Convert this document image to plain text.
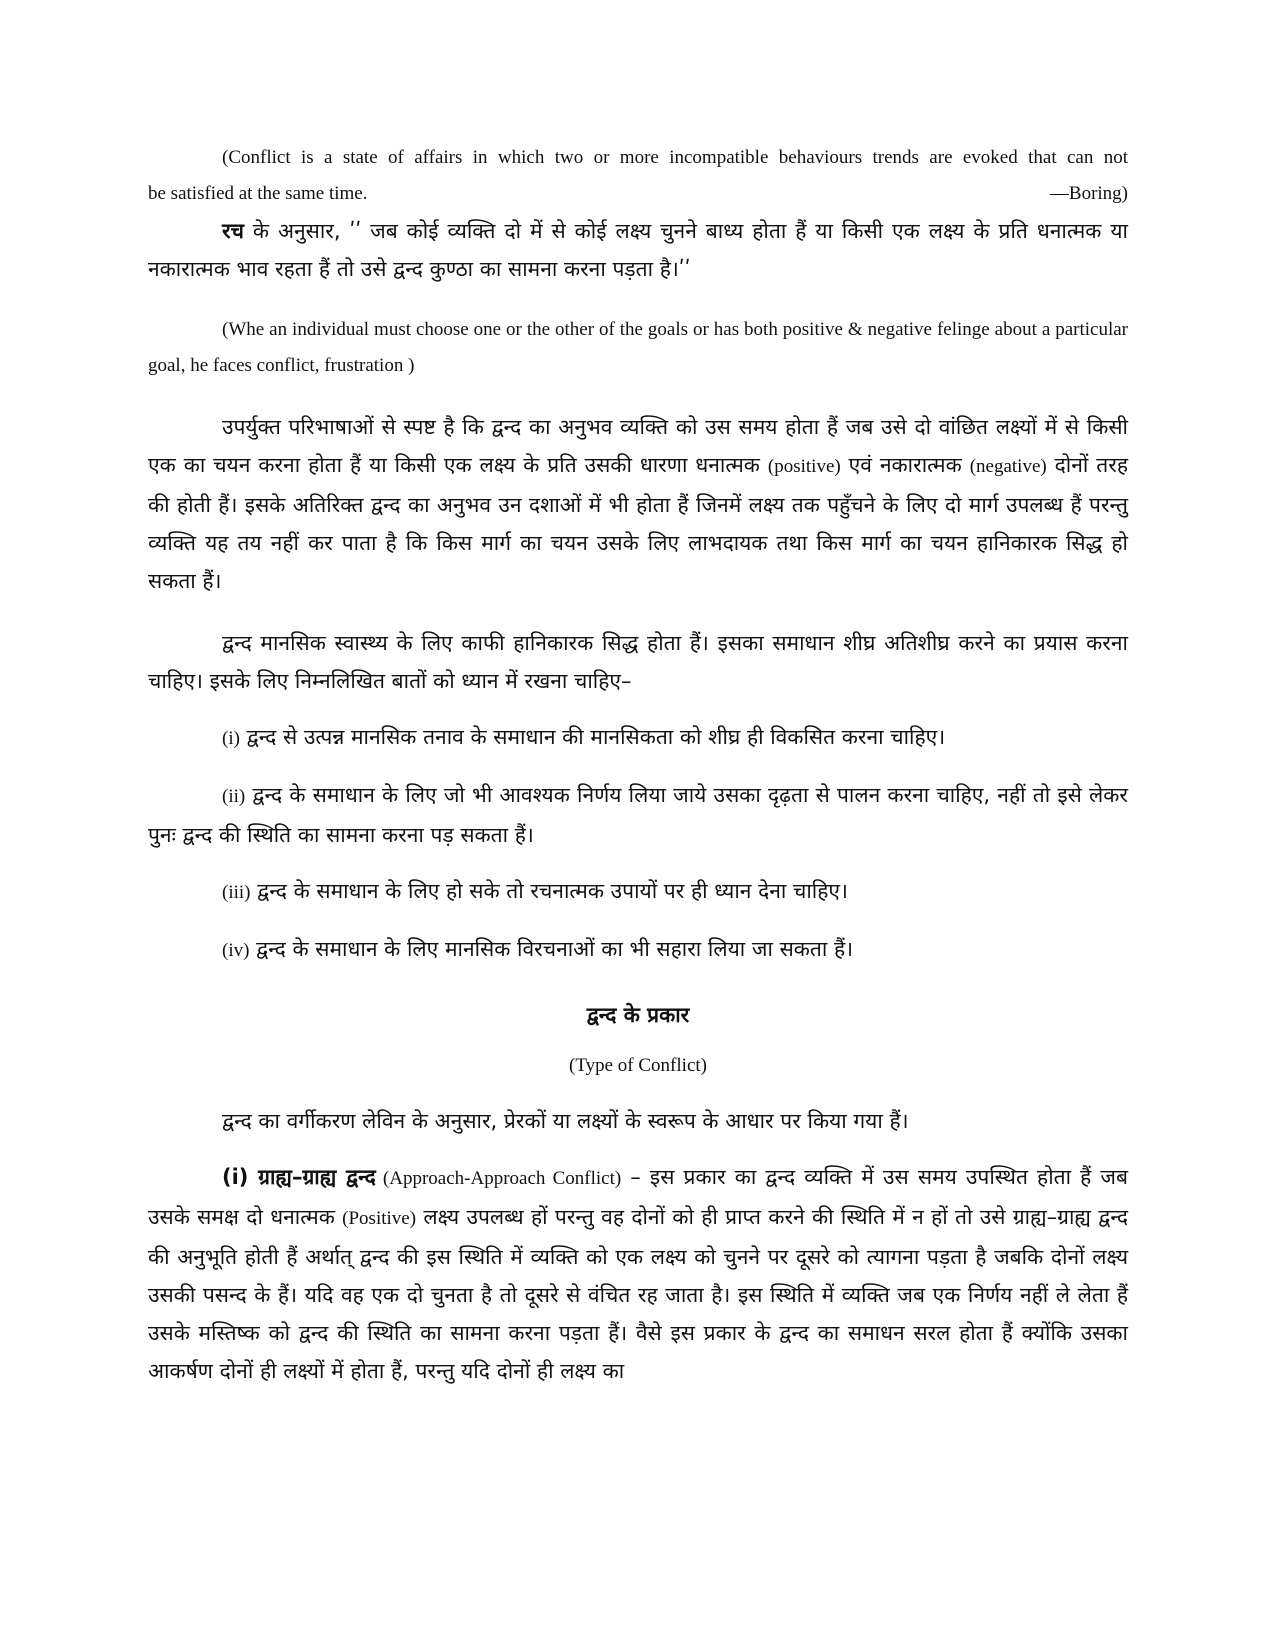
(Conflict is a state of affairs in which two or more incompatible behaviours trends are evoked that can not

be satisfied at the same time.	—Boring)

रच के अनुसार, ʹʹ जब कोई व्यक्ति दो में से कोई लक्ष्य चुनने बाध्य होता हैं या किसी एक लक्ष्य के प्रति धनात्मक या नकारात्मक भाव रहता हैं तो उसे द्वन्द कुण्ठा का सामना करना पड़ता है।ʹʹ

(Whe an individual must choose one or the other of the goals or has both positive & negative felinge about a particular goal, he faces conflict, frustration )

उपर्युक्त परिभाषाओं से स्पष्ट है कि द्वन्द का अनुभव व्यक्ति को उस समय होता हैं जब उसे दो वांछित लक्ष्यों में से किसी एक का चयन करना होता हैं या किसी एक लक्ष्य के प्रति उसकी धारणा धनात्मक (positive) एवं नकारात्मक (negative) दोनों तरह की होती हैं। इसके अतिरिक्त द्वन्द का अनुभव उन दशाओं में भी होता हैं जिनमें लक्ष्य तक पहुँचने के लिए दो मार्ग उपलब्ध हैं परन्तु व्यक्ति यह तय नहीं कर पाता है कि किस मार्ग का चयन उसके लिए लाभदायक तथा किस मार्ग का चयन हानिकारक सिद्ध हो सकता हैं।

द्वन्द मानसिक स्वास्थ्य के लिए काफी हानिकारक सिद्ध होता हैं। इसका समाधान शीघ्र अतिशीघ्र करने का प्रयास करना चाहिए। इसके लिए निम्नलिखित बातों को ध्यान में रखना चाहिए–

(i) द्वन्द से उत्पन्न मानसिक तनाव के समाधान की मानसिकता को शीघ्र ही विकसित करना चाहिए।

(ii) द्वन्द के समाधान के लिए जो भी आवश्यक निर्णय लिया जाये उसका दृढ़ता से पालन करना चाहिए, नहीं तो इसे लेकर पुनः द्वन्द की स्थिति का सामना करना पड़ सकता हैं।

(iii) द्वन्द के समाधान के लिए हो सके तो रचनात्मक उपायों पर ही ध्यान देना चाहिए।

(iv) द्वन्द के समाधान के लिए मानसिक विरचनाओं का भी सहारा लिया जा सकता हैं।

द्वन्द के प्रकार

(Type of Conflict)

द्वन्द का वर्गीकरण लेविन के अनुसार, प्रेरकों या लक्ष्यों के स्वरूप के आधार पर किया गया हैं।

(i) ग्राह्य–ग्राह्य द्वन्द (Approach-Approach Conflict) – इस प्रकार का द्वन्द व्यक्ति में उस समय उपस्थित होता हैं जब उसके समक्ष दो धनात्मक (Positive) लक्ष्य उपलब्ध हों परन्तु वह दोनों को ही प्राप्त करने की स्थिति में न हों तो उसे ग्राह्य–ग्राह्य द्वन्द की अनुभूति होती हैं अर्थात् द्वन्द की इस स्थिति में व्यक्ति को एक लक्ष्य को चुनने पर दूसरे को त्यागना पड़ता है जबकि दोनों लक्ष्य उसकी पसन्द के हैं। यदि वह एक दो चुनता है तो दूसरे से वंचित रह जाता है। इस स्थिति में व्यक्ति जब एक निर्णय नहीं ले लेता हैं उसके मस्तिष्क को द्वन्द की स्थिति का सामना करना पड़ता हैं। वैसे इस प्रकार के द्वन्द का समाधन सरल होता हैं क्योंकि उसका आकर्षण दोनों ही लक्ष्यों में होता हैं, परन्तु यदि दोनों ही लक्ष्य का
